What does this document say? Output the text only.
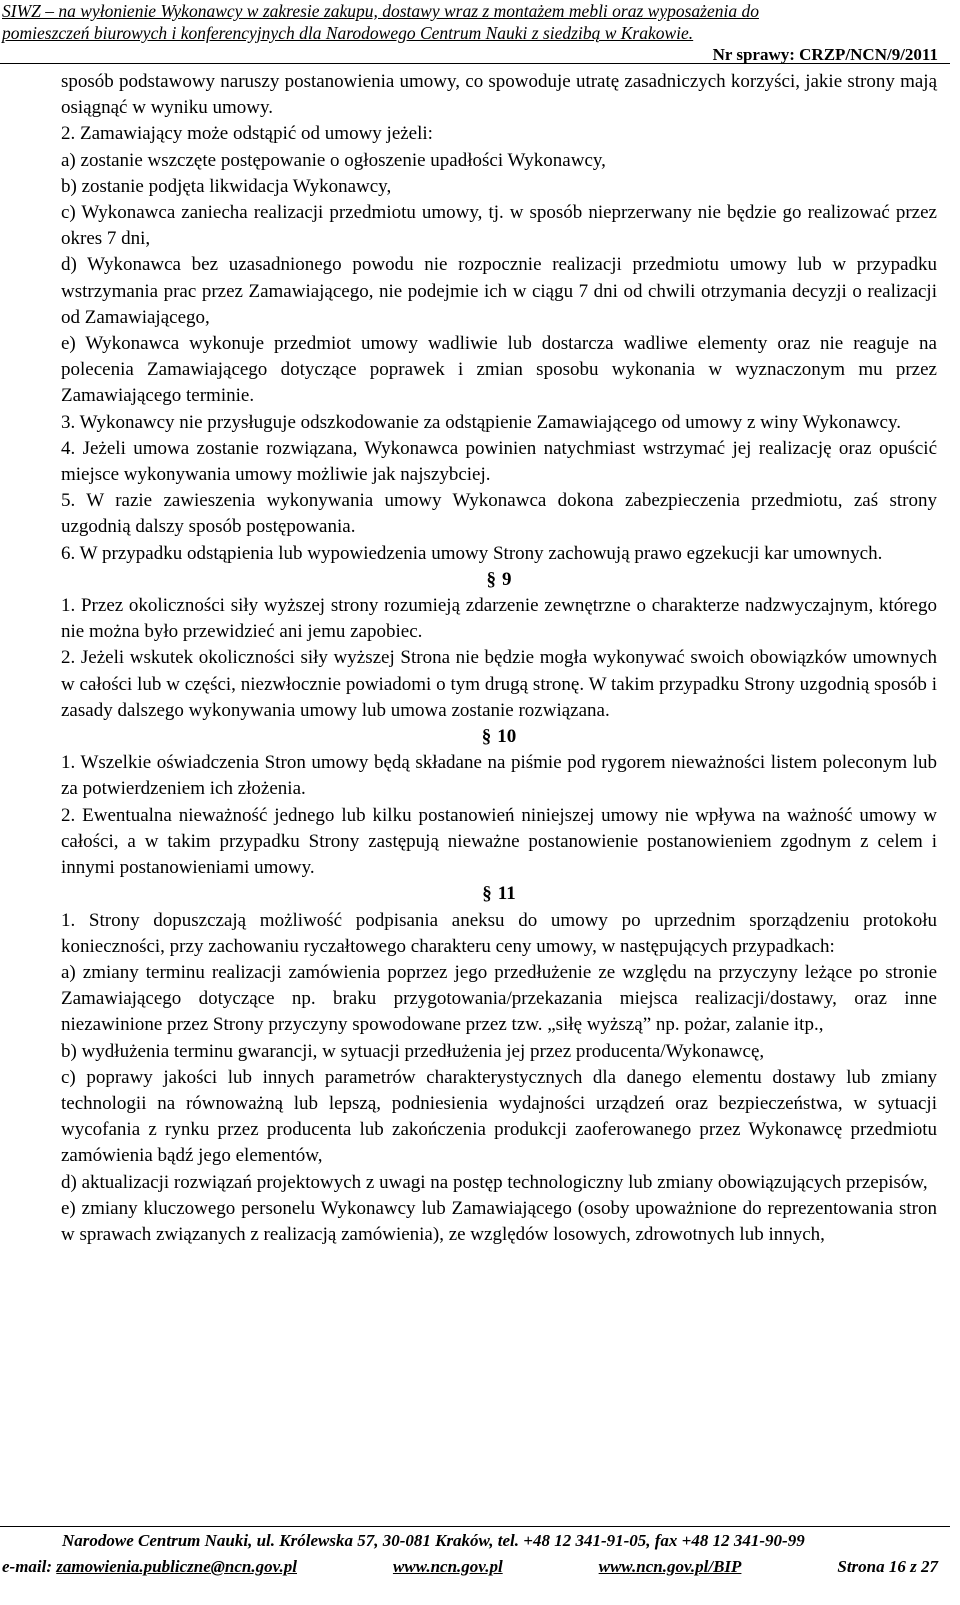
SIWZ – na wyłonienie Wykonawcy w zakresie zakupu, dostawy wraz z montażem mebli oraz wyposażenia do
pomieszczeń biurowych i konferencyjnych dla Narodowego Centrum Nauki z siedzibą w Krakowie.
Nr sprawy: CRZP/NCN/9/2011

sposób podstawowy naruszy postanowienia umowy, co spowoduje utratę zasadniczych korzyści, jakie strony mają osiągnąć w wyniku umowy.

2. Zamawiający może odstąpić od umowy jeżeli:

a) zostanie wszczęte postępowanie o ogłoszenie upadłości Wykonawcy,

b) zostanie podjęta likwidacja Wykonawcy,

c) Wykonawca zaniecha realizacji przedmiotu umowy, tj. w sposób nieprzerwany nie będzie go realizować przez okres 7 dni,

d) Wykonawca bez uzasadnionego powodu nie rozpocznie realizacji przedmiotu umowy lub w przypadku wstrzymania prac przez Zamawiającego, nie podejmie ich w ciągu 7 dni od chwili otrzymania decyzji o realizacji od Zamawiającego,

e) Wykonawca wykonuje przedmiot umowy wadliwie lub dostarcza wadliwe elementy oraz nie reaguje na polecenia Zamawiającego dotyczące poprawek i zmian sposobu wykonania w wyznaczonym mu przez Zamawiającego terminie.

3. Wykonawcy nie przysługuje odszkodowanie za odstąpienie Zamawiającego od umowy z winy Wykonawcy.

4. Jeżeli umowa zostanie rozwiązana, Wykonawca powinien natychmiast wstrzymać jej realizację oraz opuścić miejsce wykonywania umowy możliwie jak najszybciej.

5. W razie zawieszenia wykonywania umowy Wykonawca dokona zabezpieczenia przedmiotu, zaś strony uzgodnią dalszy sposób postępowania.

6. W przypadku odstąpienia lub wypowiedzenia umowy Strony zachowują prawo egzekucji kar umownych.

§ 9

1. Przez okoliczności siły wyższej strony rozumieją zdarzenie zewnętrzne o charakterze nadzwyczajnym, którego nie można było przewidzieć ani jemu zapobiec.

2. Jeżeli wskutek okoliczności siły wyższej Strona nie będzie mogła wykonywać swoich obowiązków umownych w całości lub w części, niezwłocznie powiadomi o tym drugą stronę. W takim przypadku Strony uzgodnią sposób i zasady dalszego wykonywania umowy lub umowa zostanie rozwiązana.

§ 10

1. Wszelkie oświadczenia Stron umowy będą składane na piśmie pod rygorem nieważności listem poleconym lub za potwierdzeniem ich złożenia.

2. Ewentualna nieważność jednego lub kilku postanowień niniejszej umowy nie wpływa na ważność umowy w całości, a w takim przypadku Strony zastępują nieważne postanowienie postanowieniem zgodnym z celem i innymi postanowieniami umowy.

§ 11

1. Strony dopuszczają możliwość podpisania aneksu do umowy po uprzednim sporządzeniu protokołu konieczności, przy zachowaniu ryczałtowego charakteru ceny umowy, w następujących przypadkach:

a) zmiany terminu realizacji zamówienia poprzez jego przedłużenie ze względu na przyczyny leżące po stronie Zamawiającego dotyczące np. braku przygotowania/przekazania miejsca realizacji/dostawy, oraz inne niezawinione przez Strony przyczyny spowodowane przez tzw. „siłę wyższą” np. pożar, zalanie itp.,

b) wydłużenia terminu gwarancji, w sytuacji przedłużenia jej przez producenta/Wykonawcę,

c) poprawy jakości lub innych parametrów charakterystycznych dla danego elementu dostawy lub zmiany technologii na równoważną lub lepszą, podniesienia wydajności urządzeń oraz bezpieczeństwa, w sytuacji wycofania z rynku przez producenta lub zakończenia produkcji zaoferowanego przez Wykonawcę przedmiotu zamówienia bądź jego elementów,

d) aktualizacji rozwiązań projektowych z uwagi na postęp technologiczny lub zmiany obowiązujących przepisów,

e) zmiany kluczowego personelu Wykonawcy lub Zamawiającego (osoby upoważnione do reprezentowania stron w sprawach związanych z realizacją zamówienia), ze względów losowych, zdrowotnych lub innych,

Narodowe Centrum Nauki, ul. Królewska 57, 30-081 Kraków, tel. +48 12 341-91-05, fax +48 12 341-90-99
e-mail: zamowienia.publiczne@ncn.gov.pl	www.ncn.gov.pl	www.ncn.gov.pl/BIP	Strona 16 z 27
